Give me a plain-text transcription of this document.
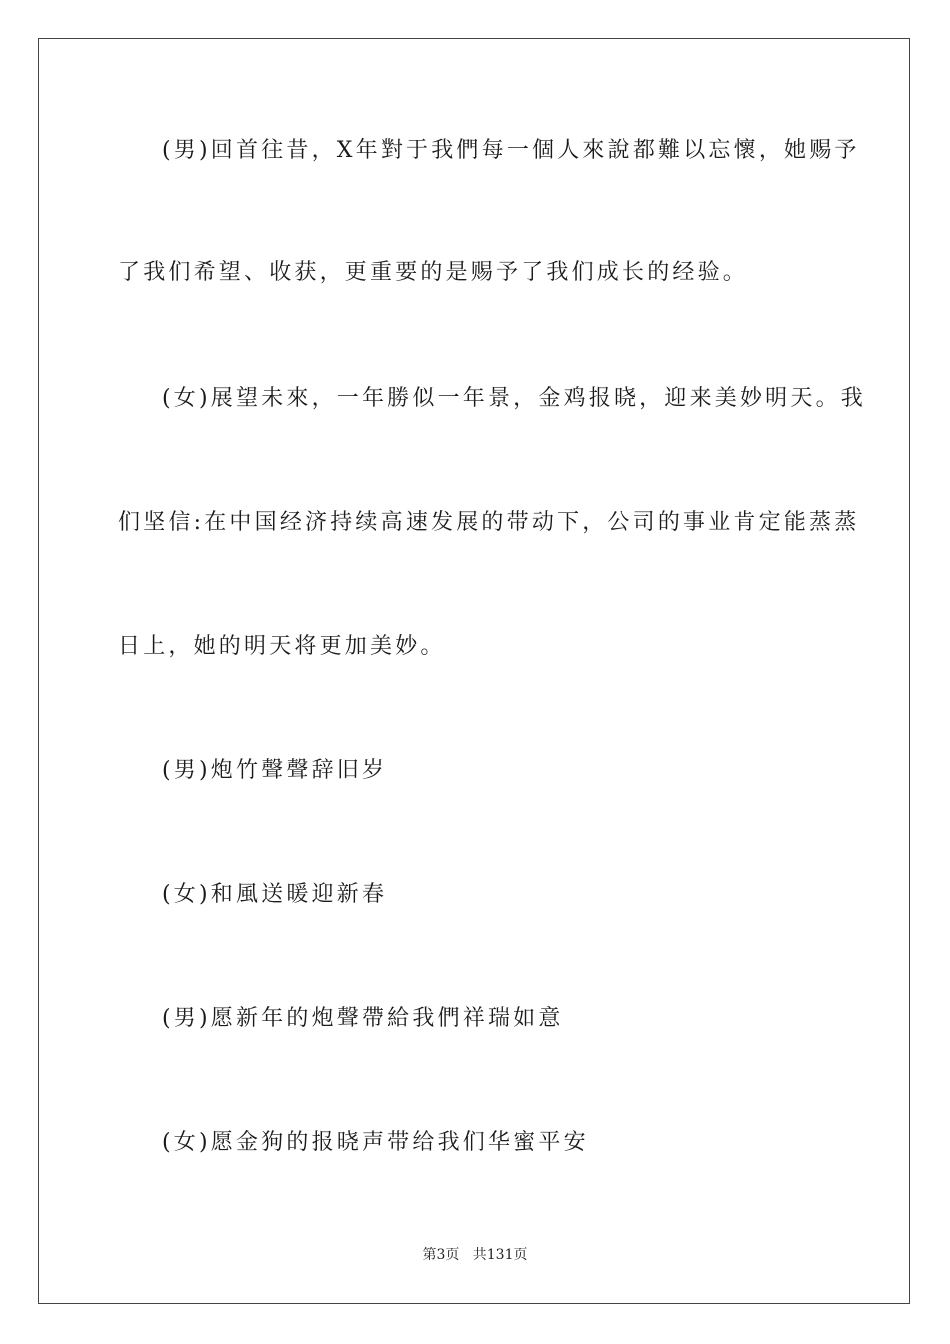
(男)回首往昔，X年對于我們每一個人來說都難以忘懷，她赐予
了我们希望、收获，更重要的是赐予了我们成长的经验。
(女)展望未來，一年勝似一年景，金鸡报晓，迎来美妙明天。我
们坚信:在中国经济持续高速发展的带动下，公司的事业肯定能蒸蒸
日上，她的明天将更加美妙。
(男)炮竹聲聲辞旧岁
(女)和風送暖迎新春
(男)愿新年的炮聲帶給我們祥瑞如意
(女)愿金狗的报晓声带给我们华蜜平安
第3页 共131页
